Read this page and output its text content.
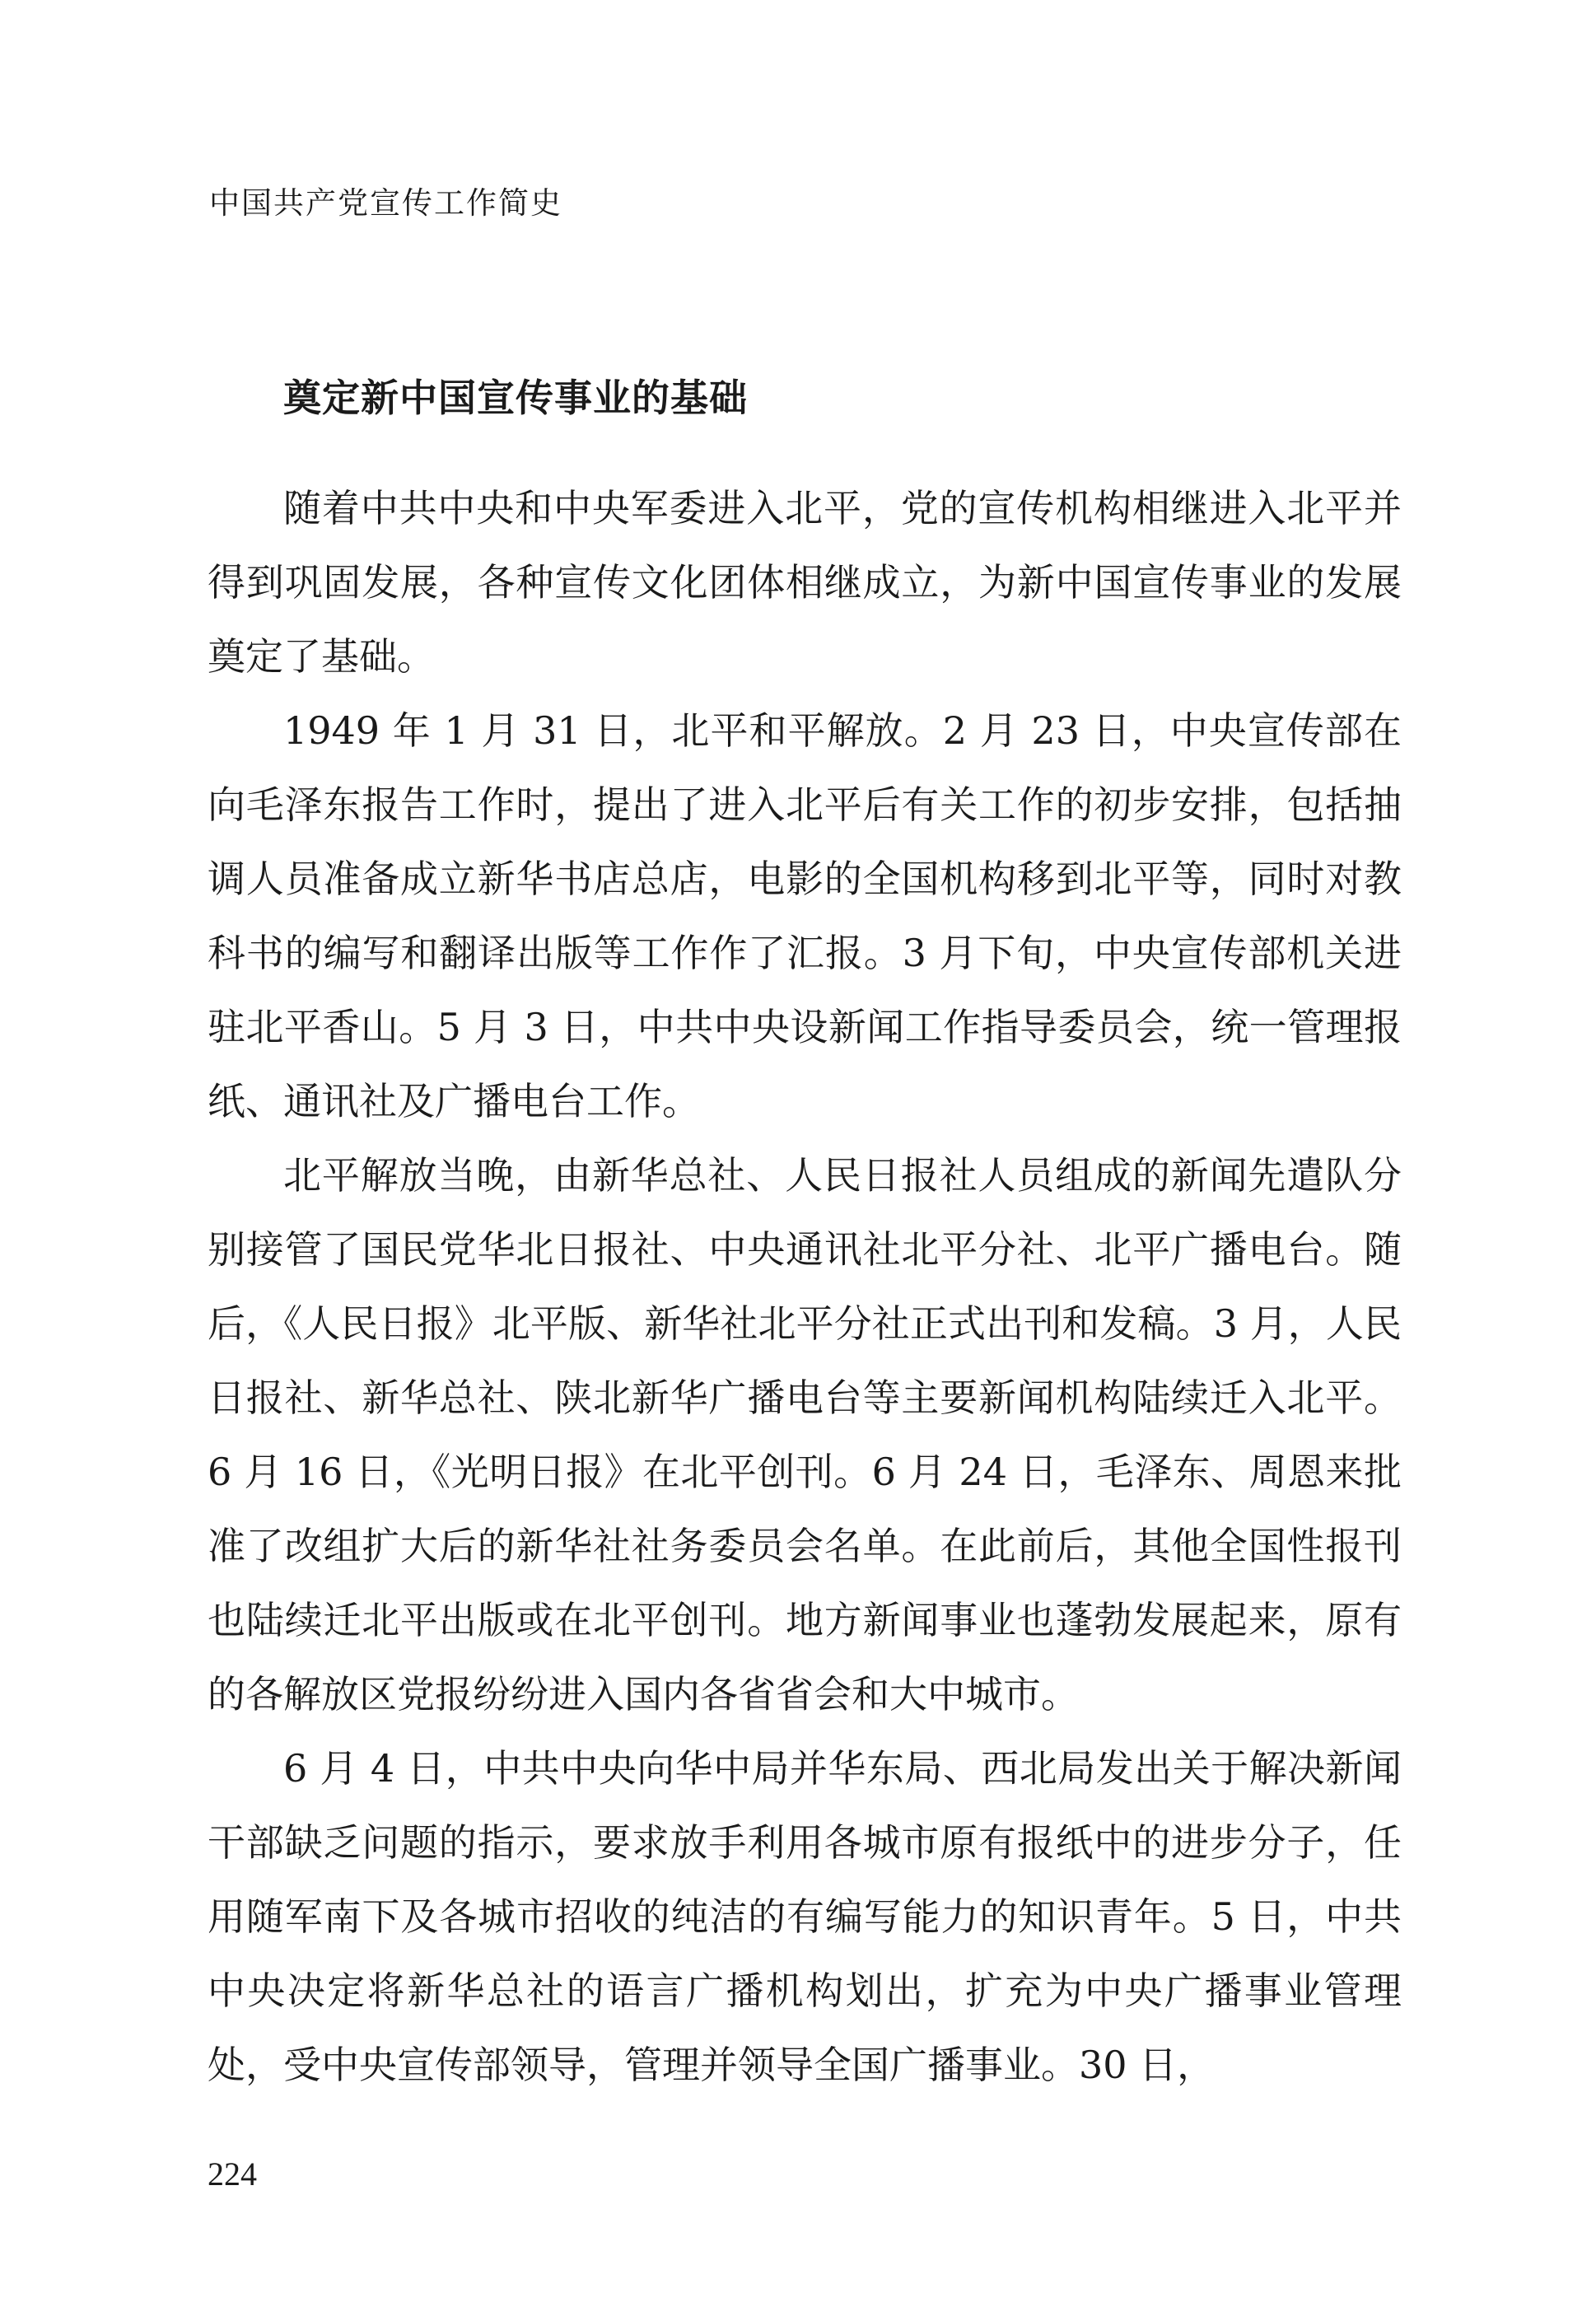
中国共产党宣传工作简史
奠定新中国宣传事业的基础

随着中共中央和中央军委进入北平，党的宣传机构相继进入北平并得到巩固发展，各种宣传文化团体相继成立，为新中国宣传事业的发展奠定了基础。

1949 年 1 月 31 日，北平和平解放。2 月 23 日，中央宣传部在向毛泽东报告工作时，提出了进入北平后有关工作的初步安排，包括抽调人员准备成立新华书店总店，电影的全国机构移到北平等，同时对教科书的编写和翻译出版等工作作了汇报。3 月下旬，中央宣传部机关进驻北平香山。5 月 3 日，中共中央设新闻工作指导委员会，统一管理报纸、通讯社及广播电台工作。

北平解放当晚，由新华总社、人民日报社人员组成的新闻先遣队分别接管了国民党华北日报社、中央通讯社北平分社、北平广播电台。随后，《人民日报》北平版、新华社北平分社正式出刊和发稿。3 月，人民日报社、新华总社、陕北新华广播电台等主要新闻机构陆续迁入北平。6 月 16 日，《光明日报》在北平创刊。6 月 24 日，毛泽东、周恩来批准了改组扩大后的新华社社务委员会名单。在此前后，其他全国性报刊也陆续迁北平出版或在北平创刊。地方新闻事业也蓬勃发展起来，原有的各解放区党报纷纷进入国内各省省会和大中城市。

6 月 4 日，中共中央向华中局并华东局、西北局发出关于解决新闻干部缺乏问题的指示，要求放手利用各城市原有报纸中的进步分子，任用随军南下及各城市招收的纯洁的有编写能力的知识青年。5 日，中共中央决定将新华总社的语言广播机构划出，扩充为中央广播事业管理处，受中央宣传部领导，管理并领导全国广播事业。30 日，

224
